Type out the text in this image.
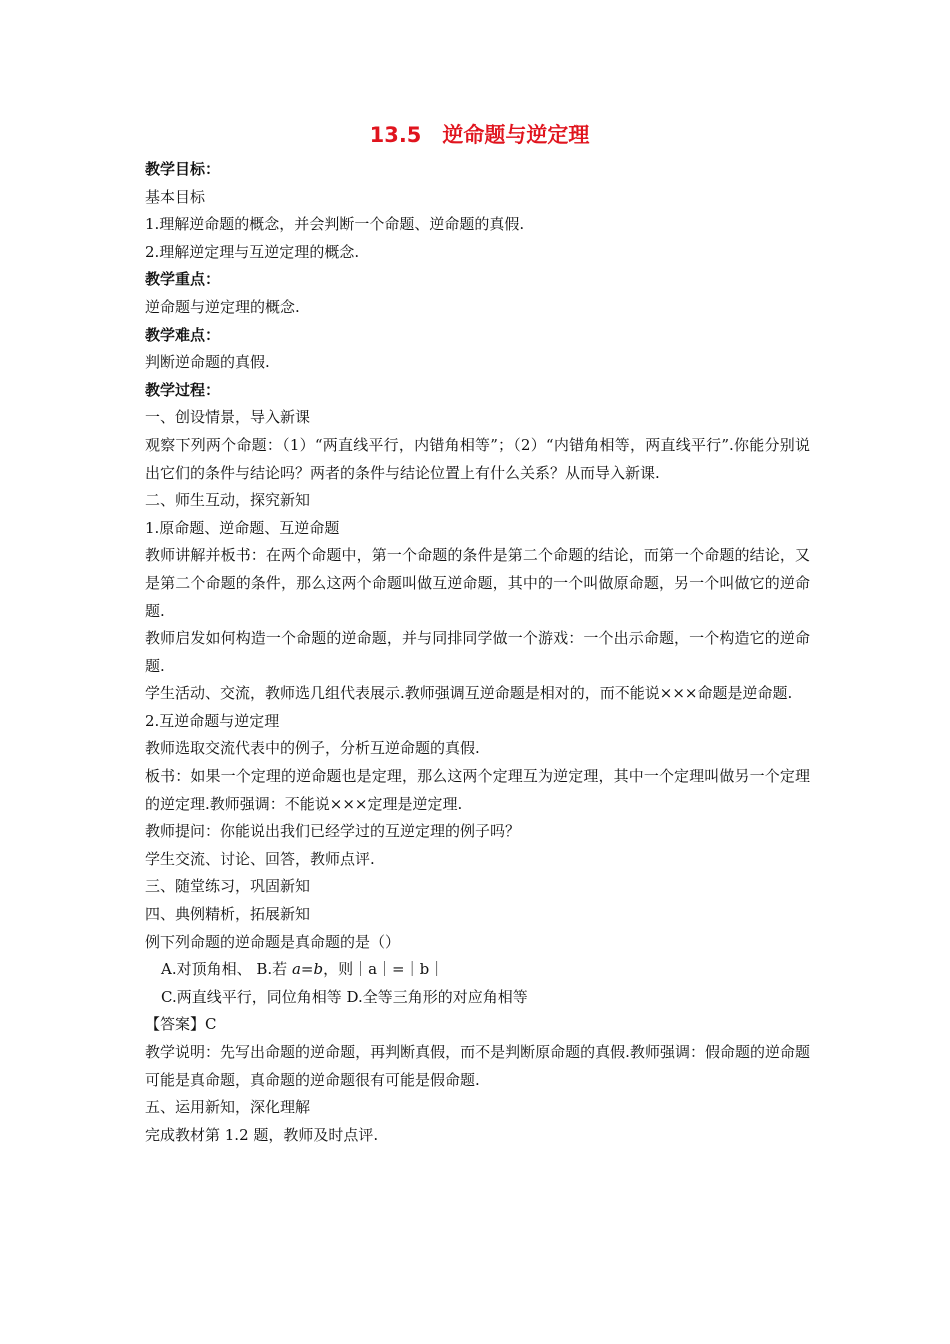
13.5　逆命题与逆定理
教学目标：
基本目标
1.理解逆命题的概念，并会判断一个命题、逆命题的真假.
2.理解逆定理与互逆定理的概念.
教学重点：
逆命题与逆定理的概念.
教学难点：
判断逆命题的真假.
教学过程：
一、创设情景，导入新课
观察下列两个命题：（1）“两直线平行，内错角相等”；（2）“内错角相等，两直线平行”.你能分别说出它们的条件与结论吗？两者的条件与结论位置上有什么关系？从而导入新课.
二、师生互动，探究新知
1.原命题、逆命题、互逆命题
教师讲解并板书：在两个命题中，第一个命题的条件是第二个命题的结论，而第一个命题的结论，又是第二个命题的条件，那么这两个命题叫做互逆命题，其中的一个叫做原命题，另一个叫做它的逆命题.
教师启发如何构造一个命题的逆命题，并与同排同学做一个游戏：一个出示命题，一个构造它的逆命题.
学生活动、交流，教师选几组代表展示.教师强调互逆命题是相对的，而不能说×××命题是逆命题.
2.互逆命题与逆定理
教师选取交流代表中的例子，分析互逆命题的真假.
板书：如果一个定理的逆命题也是定理，那么这两个定理互为逆定理，其中一个定理叫做另一个定理的逆定理.教师强调：不能说×××定理是逆定理.
教师提问：你能说出我们已经学过的互逆定理的例子吗？
学生交流、讨论、回答，教师点评.
三、随堂练习，巩固新知
四、典例精析，拓展新知
例下列命题的逆命题是真命题的是（）
A.对顶角相、 B.若 a=b，则｜a｜=｜b｜
C.两直线平行，同位角相等 D.全等三角形的对应角相等
【答案】C
教学说明：先写出命题的逆命题，再判断真假，而不是判断原命题的真假.教师强调：假命题的逆命题可能是真命题，真命题的逆命题很有可能是假命题.
五、运用新知，深化理解
完成教材第 1.2 题，教师及时点评.
